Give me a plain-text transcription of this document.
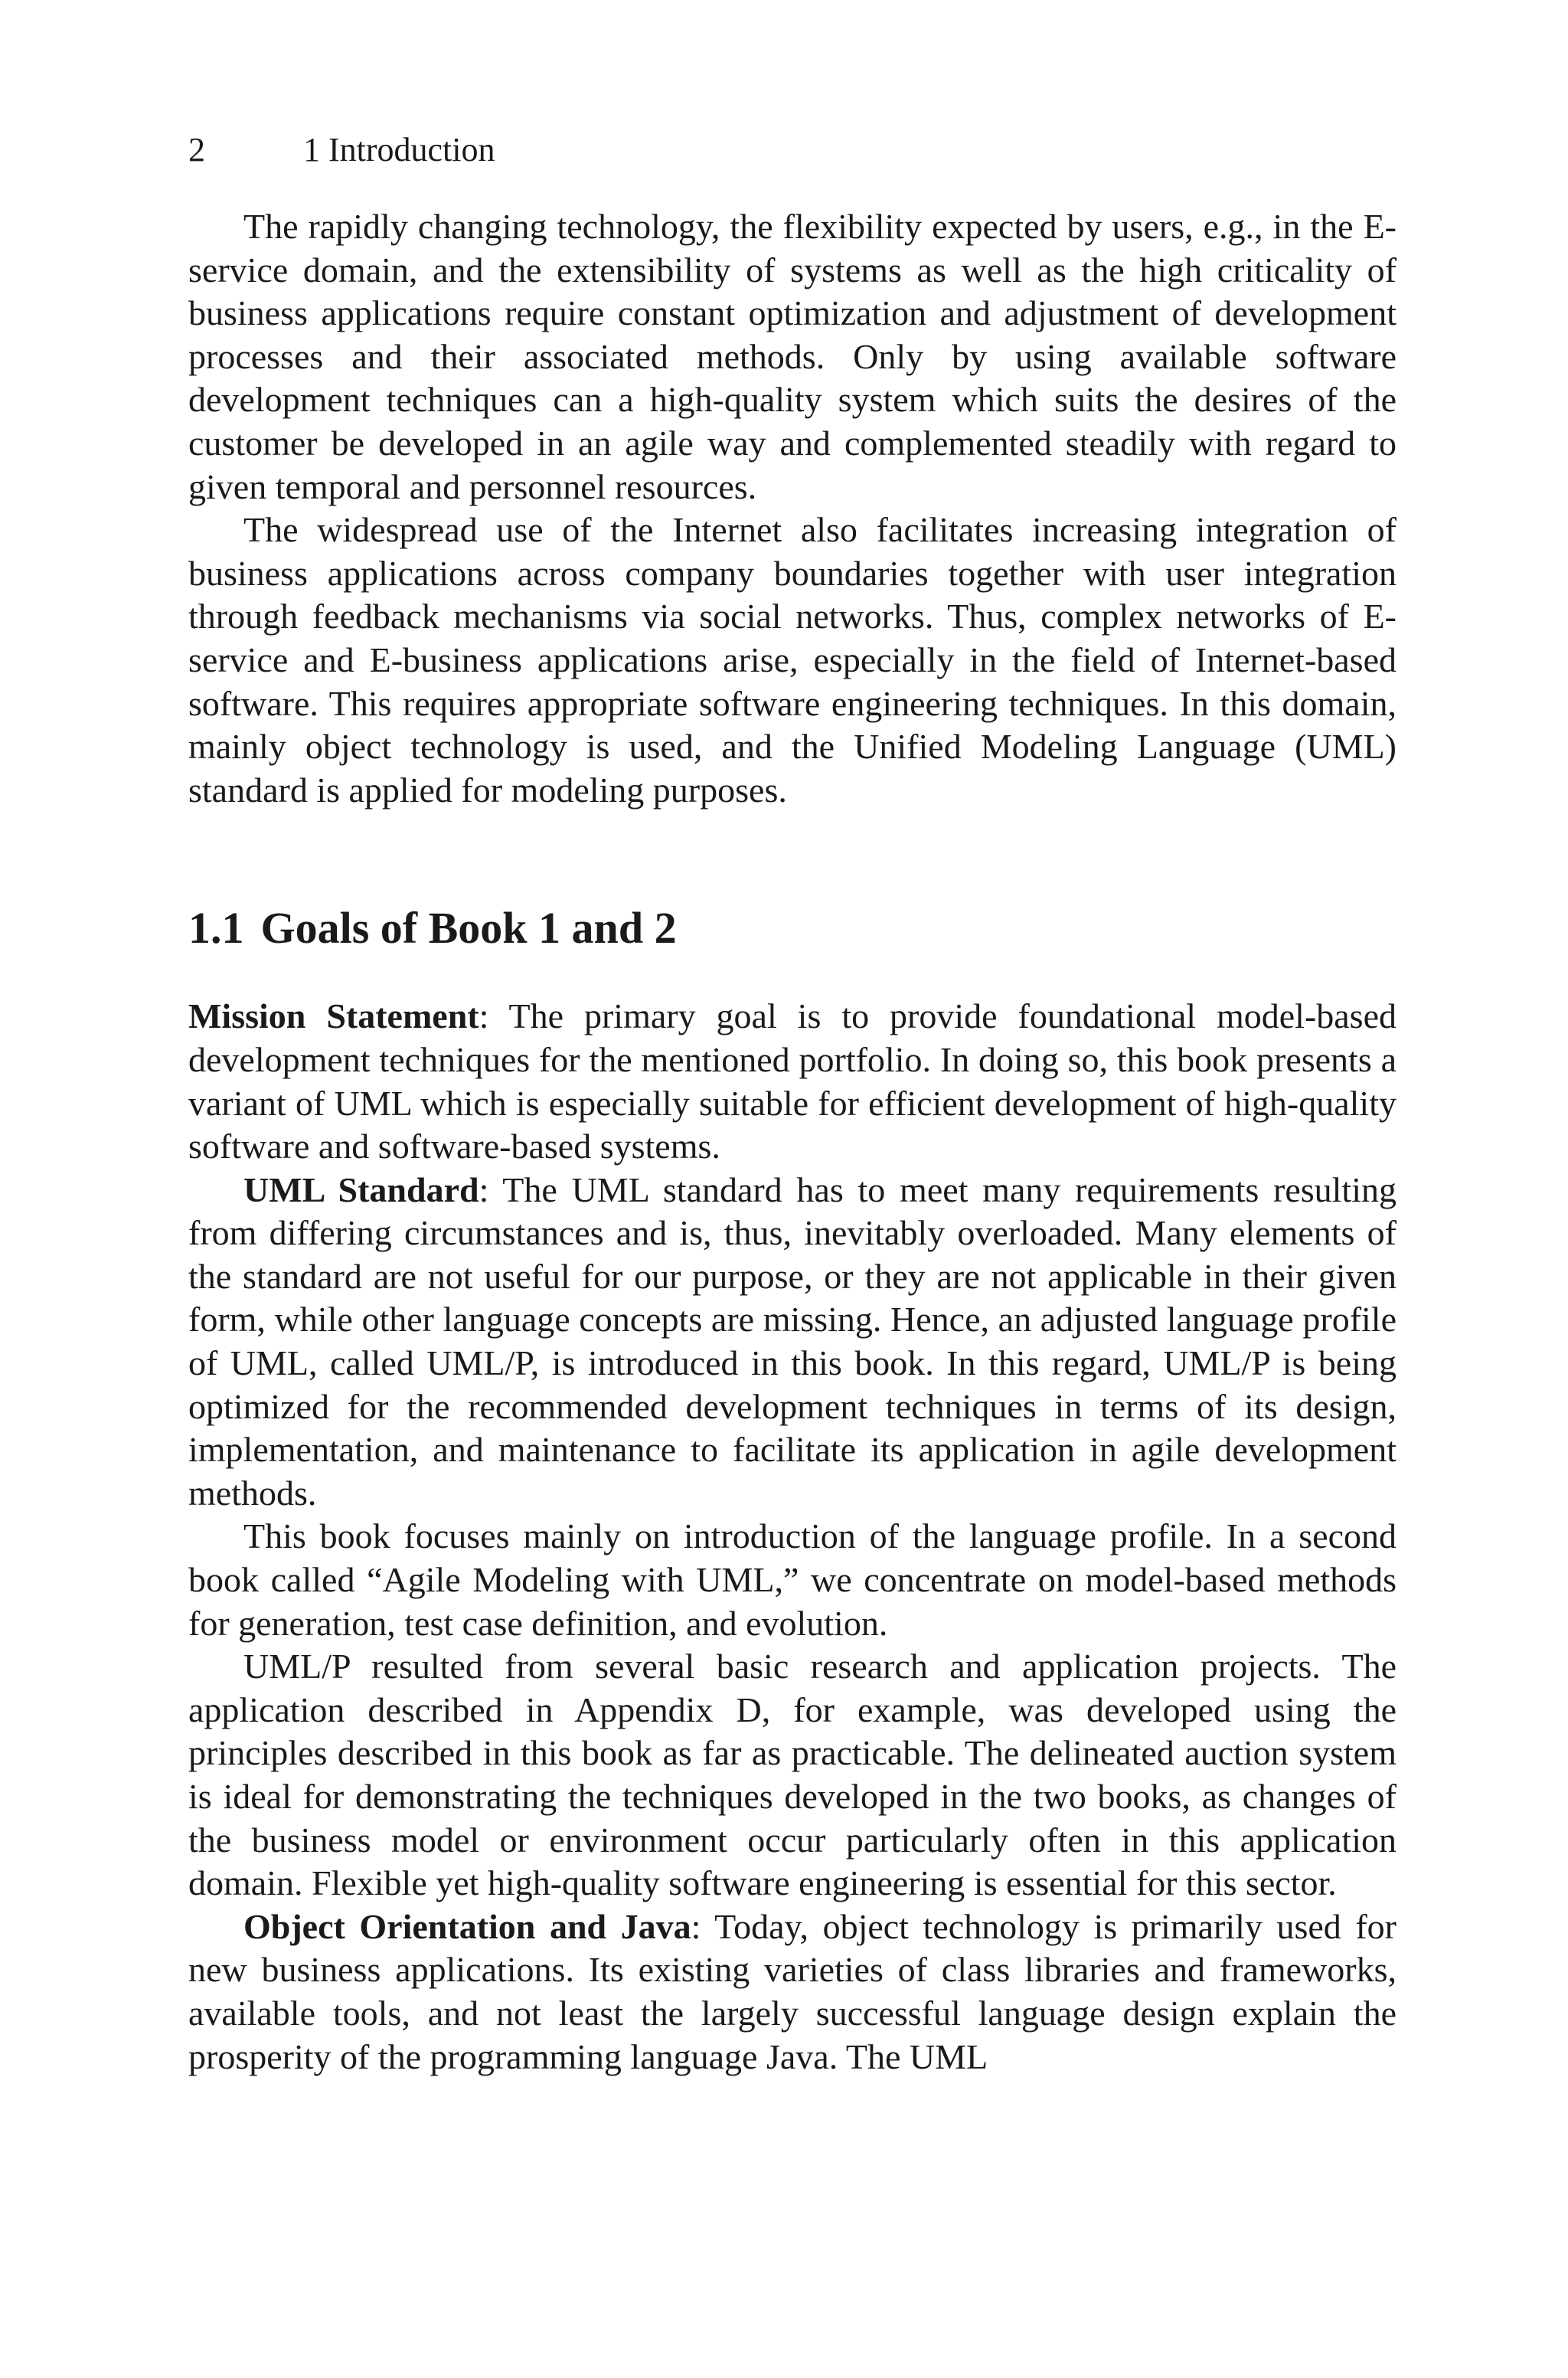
2	1 Introduction

The rapidly changing technology, the flexibility expected by users, e.g., in the E-service domain, and the extensibility of systems as well as the high criticality of business applications require constant optimization and adjustment of development processes and their associated methods. Only by using available software development techniques can a high-quality system which suits the desires of the customer be developed in an agile way and complemented steadily with regard to given temporal and personnel resources.

The widespread use of the Internet also facilitates increasing integration of business applications across company boundaries together with user integration through feedback mechanisms via social networks. Thus, complex networks of E-service and E-business applications arise, especially in the field of Internet-based software. This requires appropriate software engineering techniques. In this domain, mainly object technology is used, and the Unified Modeling Language (UML) standard is applied for modeling purposes.

1.1 Goals of Book 1 and 2

Mission Statement: The primary goal is to provide foundational model-based development techniques for the mentioned portfolio. In doing so, this book presents a variant of UML which is especially suitable for efficient development of high-quality software and software-based systems.

UML Standard: The UML standard has to meet many requirements resulting from differing circumstances and is, thus, inevitably overloaded. Many elements of the standard are not useful for our purpose, or they are not applicable in their given form, while other language concepts are missing. Hence, an adjusted language profile of UML, called UML/P, is introduced in this book. In this regard, UML/P is being optimized for the recommended development techniques in terms of its design, implementation, and maintenance to facilitate its application in agile development methods.

This book focuses mainly on introduction of the language profile. In a second book called “Agile Modeling with UML,” we concentrate on model-based methods for generation, test case definition, and evolution.

UML/P resulted from several basic research and application projects. The application described in Appendix D, for example, was developed using the principles described in this book as far as practicable. The delineated auction system is ideal for demonstrating the techniques developed in the two books, as changes of the business model or environment occur particularly often in this application domain. Flexible yet high-quality software engineering is essential for this sector.

Object Orientation and Java: Today, object technology is primarily used for new business applications. Its existing varieties of class libraries and frameworks, available tools, and not least the largely successful language design explain the prosperity of the programming language Java. The UML
